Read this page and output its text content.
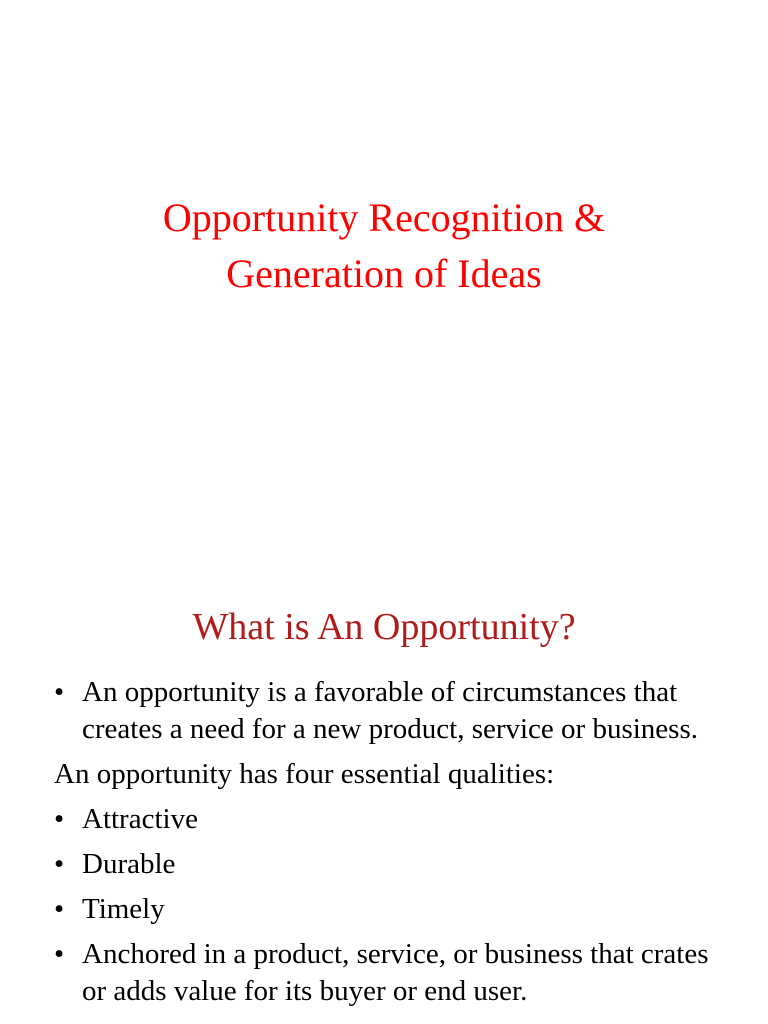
Opportunity Recognition &
Generation of Ideas
What is An Opportunity?
• An opportunity is a favorable of circumstances that creates a need for a new product, service or business.
An opportunity has four essential qualities:
• Attractive
• Durable
• Timely
• Anchored in a product, service, or business that crates or adds value for its buyer or end user.
